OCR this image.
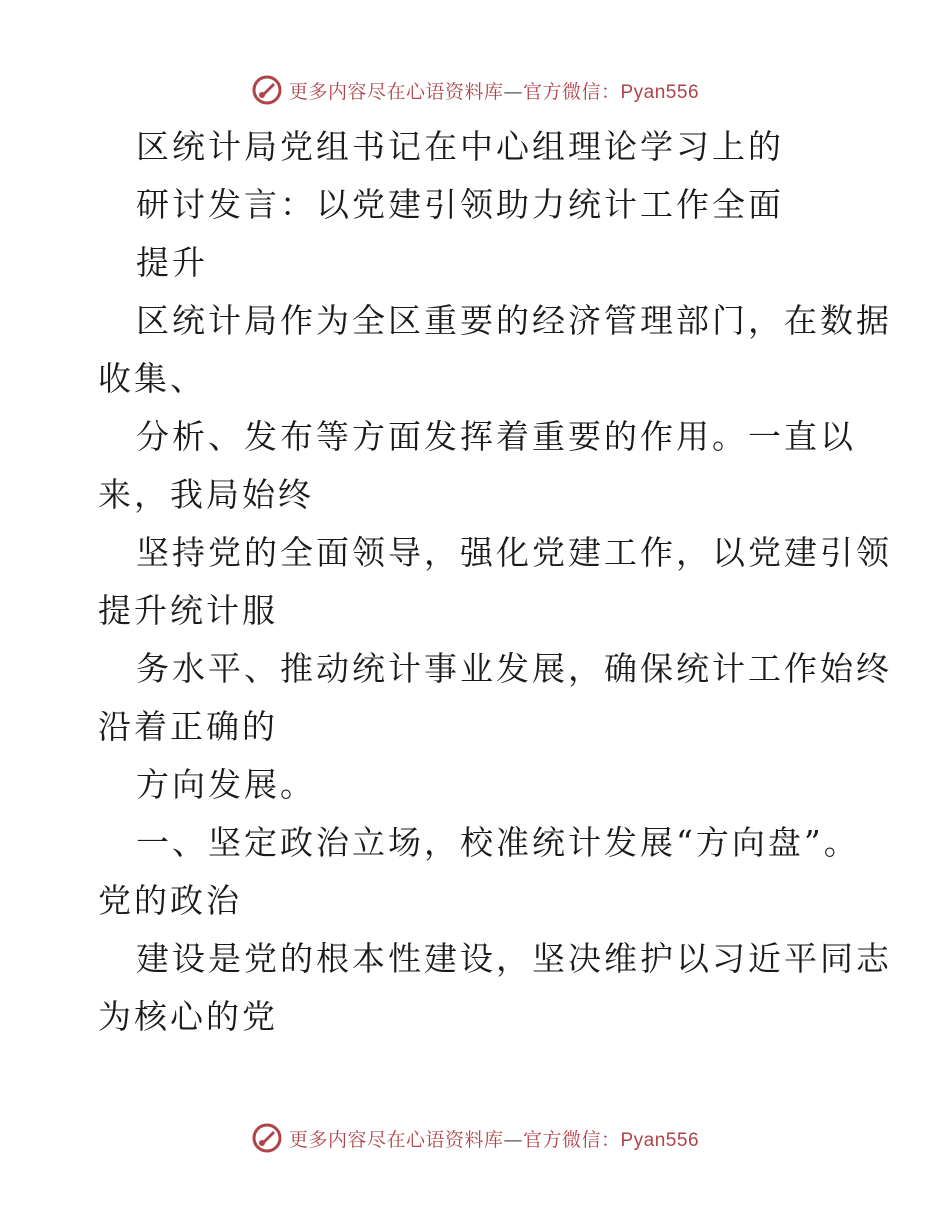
更多内容尽在心语资料库—官方微信：Pyan556
区统计局党组书记在中心组理论学习上的
研讨发言：以党建引领助力统计工作全面
提升
区统计局作为全区重要的经济管理部门，在数据
收集、
分析、发布等方面发挥着重要的作用。一直以
来，我局始终
坚持党的全面领导，强化党建工作，以党建引领
提升统计服
务水平、推动统计事业发展，确保统计工作始终
沿着正确的
方向发展。
一、坚定政治立场，校准统计发展“方向盘”。
党的政治
建设是党的根本性建设，坚决维护以习近平同志
为核心的党
更多内容尽在心语资料库—官方微信：Pyan556
